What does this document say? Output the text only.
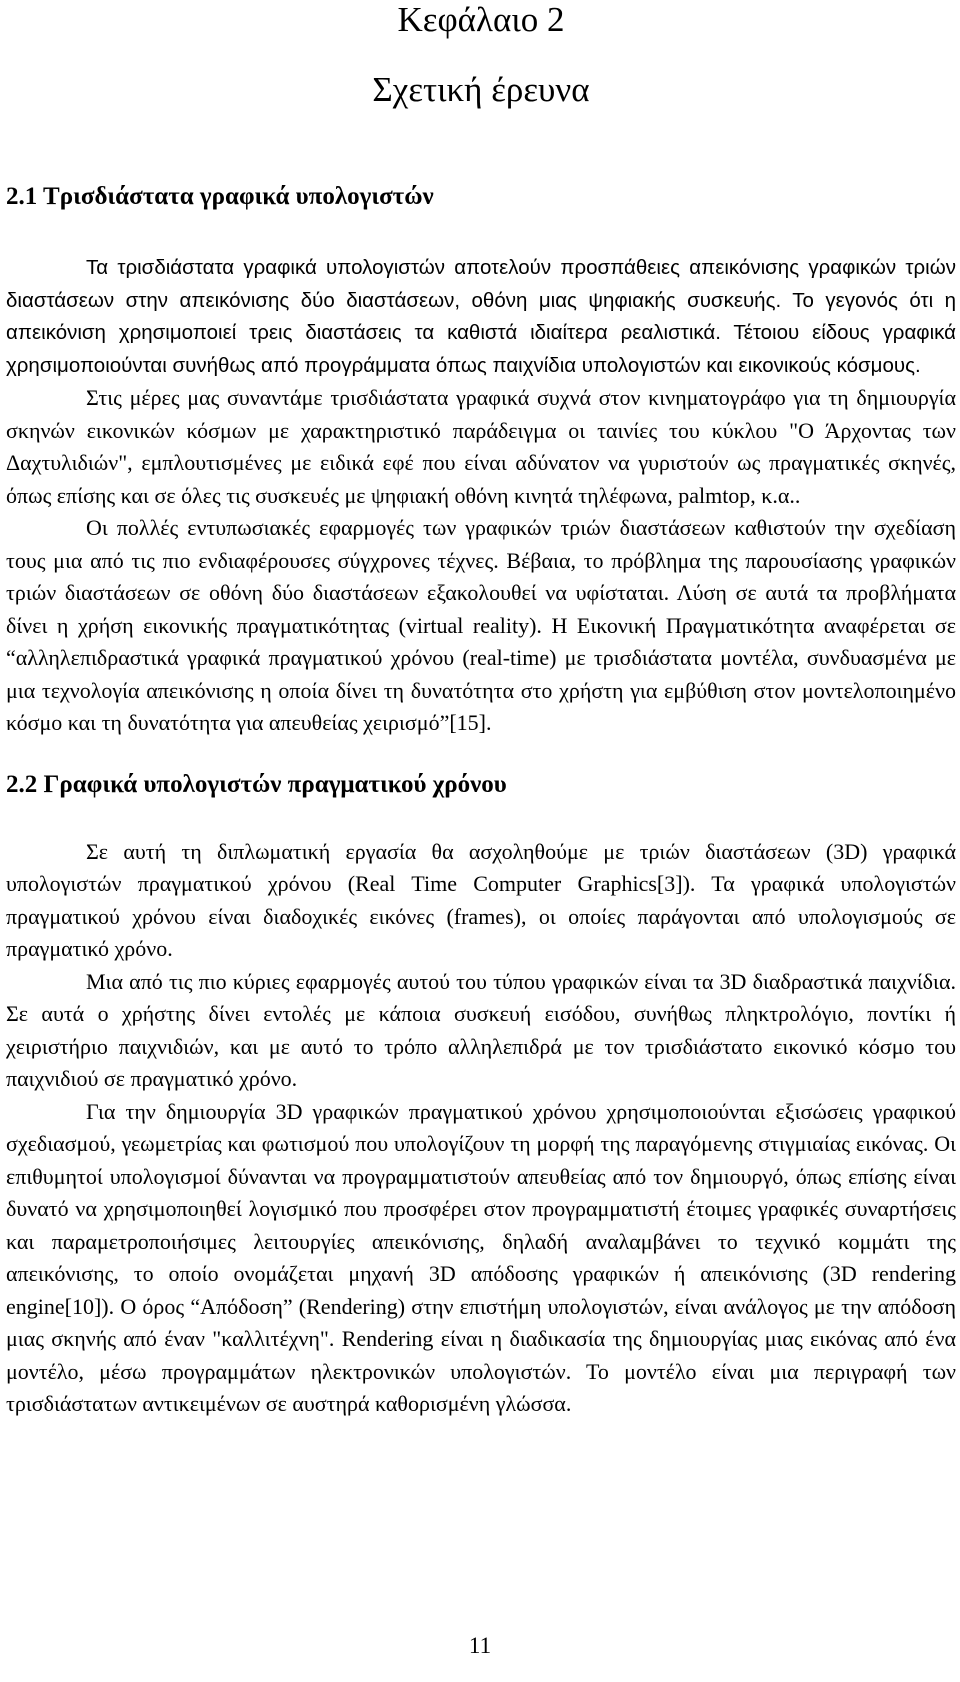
Κεφάλαιο 2
Σχετική έρευνα
2.1 Τρισδιάστατα γραφικά υπολογιστών

Τα τρισδιάστατα γραφικά υπολογιστών αποτελούν προσπάθειες απεικόνισης γραφικών τριών διαστάσεων στην απεικόνισης δύο διαστάσεων, οθόνη μιας ψηφιακής συσκευής. Το γεγονός ότι η απεικόνιση χρησιμοποιεί τρεις διαστάσεις τα καθιστά ιδιαίτερα ρεαλιστικά. Τέτοιου είδους γραφικά χρησιμοποιούνται συνήθως από προγράμματα όπως παιχνίδια υπολογιστών και εικονικούς κόσμους.

Στις μέρες μας συναντάμε τρισδιάστατα γραφικά συχνά στον κινηματογράφο για τη δημιουργία σκηνών εικονικών κόσμων με χαρακτηριστικό παράδειγμα οι ταινίες του κύκλου "Ο Άρχοντας των Δαχτυλιδιών", εμπλουτισμένες με ειδικά εφέ που είναι αδύνατον να γυριστούν ως πραγματικές σκηνές, όπως επίσης και σε όλες τις συσκευές με ψηφιακή οθόνη κινητά τηλέφωνα, palmtop, κ.α..

Οι πολλές εντυπωσιακές εφαρμογές των γραφικών τριών διαστάσεων καθιστούν την σχεδίαση τους μια από τις πιο ενδιαφέρουσες σύγχρονες τέχνες. Βέβαια, το πρόβλημα της παρουσίασης γραφικών τριών διαστάσεων σε οθόνη δύο διαστάσεων εξακολουθεί να υφίσταται. Λύση σε αυτά τα προβλήματα δίνει η χρήση εικονικής πραγματικότητας (virtual reality). Η Εικονική Πραγματικότητα αναφέρεται σε “αλληλεπιδραστικά γραφικά πραγματικού χρόνου (real-time) με τρισδιάστατα μοντέλα, συνδυασμένα με μια τεχνολογία απεικόνισης η οποία δίνει τη δυνατότητα στο χρήστη για εμβύθιση στον μοντελοποιημένο κόσμο και τη δυνατότητα για απευθείας χειρισμό”[15].

2.2 Γραφικά υπολογιστών πραγματικού χρόνου

Σε αυτή τη διπλωματική εργασία θα ασχοληθούμε με τριών διαστάσεων (3D) γραφικά υπολογιστών πραγματικού χρόνου (Real Time Computer Graphics[3]). Τα γραφικά υπολογιστών πραγματικού χρόνου είναι διαδοχικές εικόνες (frames), οι οποίες παράγονται από υπολογισμούς σε πραγματικό χρόνο.

Μια από τις πιο κύριες εφαρμογές αυτού του τύπου γραφικών είναι τα 3D διαδραστικά παιχνίδια. Σε αυτά ο χρήστης δίνει εντολές με κάποια συσκευή εισόδου, συνήθως πληκτρολόγιο, ποντίκι ή χειριστήριο παιχνιδιών, και με αυτό το τρόπο αλληλεπιδρά με τον τρισδιάστατο εικονικό κόσμο του παιχνιδιού σε πραγματικό χρόνο.

Για την δημιουργία 3D γραφικών πραγματικού χρόνου χρησιμοποιούνται εξισώσεις γραφικού σχεδιασμού, γεωμετρίας και φωτισμού που υπολογίζουν τη μορφή της παραγόμενης στιγμιαίας εικόνας. Οι επιθυμητοί υπολογισμοί δύνανται να προγραμματιστούν απευθείας από τον δημιουργό, όπως επίσης είναι δυνατό να χρησιμοποιηθεί λογισμικό που προσφέρει στον προγραμματιστή έτοιμες γραφικές συναρτήσεις και παραμετροποιήσιμες λειτουργίες απεικόνισης, δηλαδή αναλαμβάνει το τεχνικό κομμάτι της απεικόνισης, το οποίο ονομάζεται μηχανή 3D απόδοσης γραφικών ή απεικόνισης (3D rendering engine[10]). Ο όρος “Απόδοση” (Rendering) στην επιστήμη υπολογιστών, είναι ανάλογος με την απόδοση μιας σκηνής από έναν "καλλιτέχνη". Rendering είναι η διαδικασία της δημιουργίας μιας εικόνας από ένα μοντέλο, μέσω προγραμμάτων ηλεκτρονικών υπολογιστών. Το μοντέλο είναι μια περιγραφή των τρισδιάστατων αντικειμένων σε αυστηρά καθορισμένη γλώσσα.

11
